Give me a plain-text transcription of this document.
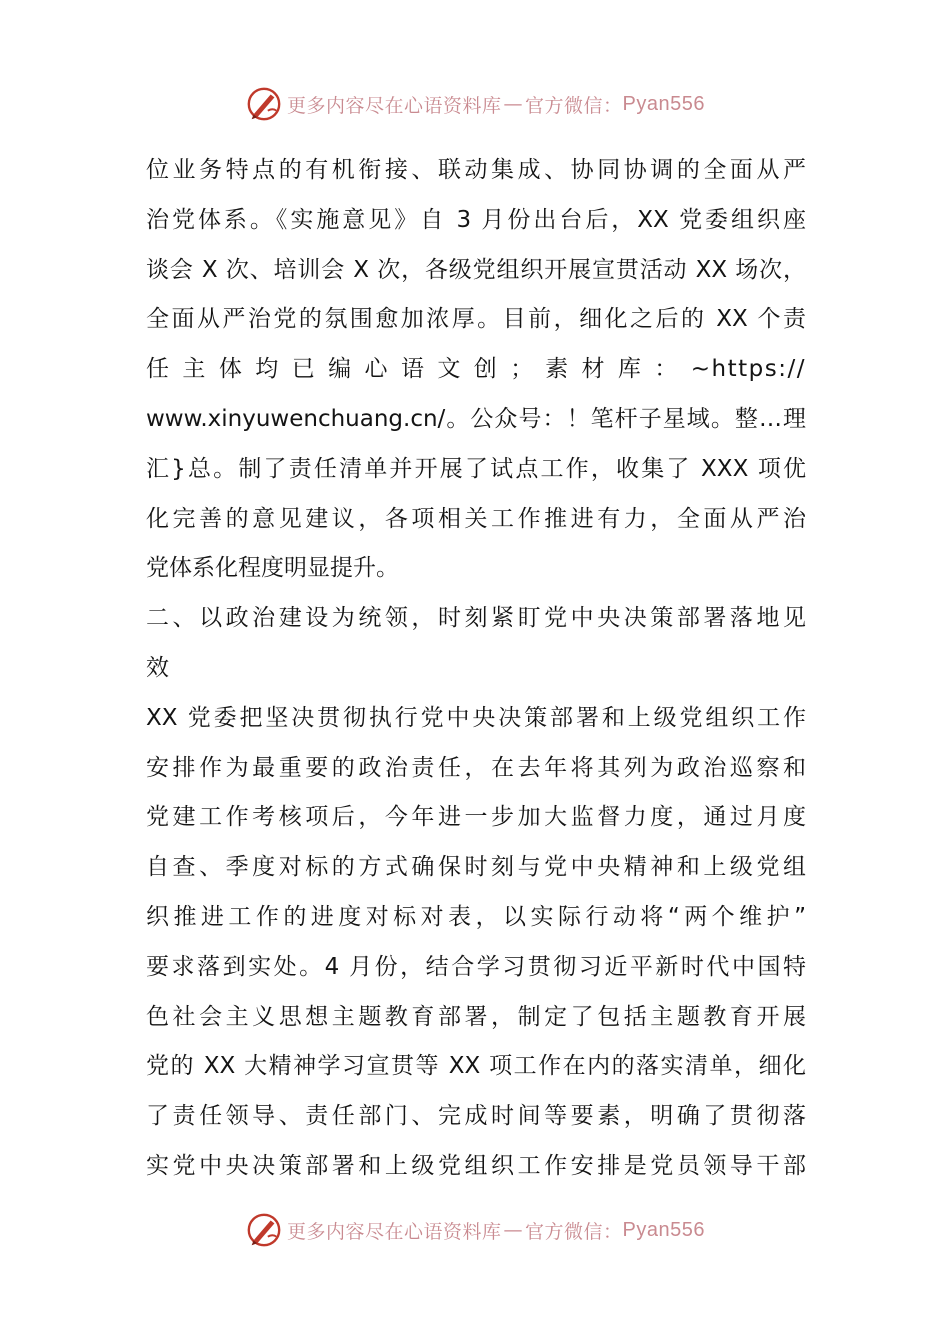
更多内容尽在心语资料库 — 官方微信： Pyan556
位业务特点的有机衔接、联动集成、协同协调的全面从严
治党体系。《实施意见》自 3 月份出台后，XX 党委组织座
谈会 X 次、培训会 X 次，各级党组织开展宣贯活动 XX 场次，
全面从严治党的氛围愈加浓厚。目前，细化之后的 XX 个责
任 主 体 均 已 编 心 语 文 创 ； 素 材 库 ： ~https://
www.xinyuwenchuang.cn/。公众号：！笔杆子星域。整…理
汇}总。制了责任清单并开展了试点工作，收集了 XXX 项优
化完善的意见建议，各项相关工作推进有力，全面从严治
党体系化程度明显提升。
二、以政治建设为统领，时刻紧盯党中央决策部署落地见
效
XX 党委把坚决贯彻执行党中央决策部署和上级党组织工作
安排作为最重要的政治责任，在去年将其列为政治巡察和
党建工作考核项后，今年进一步加大监督力度，通过月度
自查、季度对标的方式确保时刻与党中央精神和上级党组
织推进工作的进度对标对表，以实际行动将“两个维护”
要求落到实处。4 月份，结合学习贯彻习近平新时代中国特
色社会主义思想主题教育部署，制定了包括主题教育开展
党的 XX 大精神学习宣贯等 XX 项工作在内的落实清单，细化
了责任领导、责任部门、完成时间等要素，明确了贯彻落
实党中央决策部署和上级党组织工作安排是党员领导干部
更多内容尽在心语资料库 — 官方微信： Pyan556
